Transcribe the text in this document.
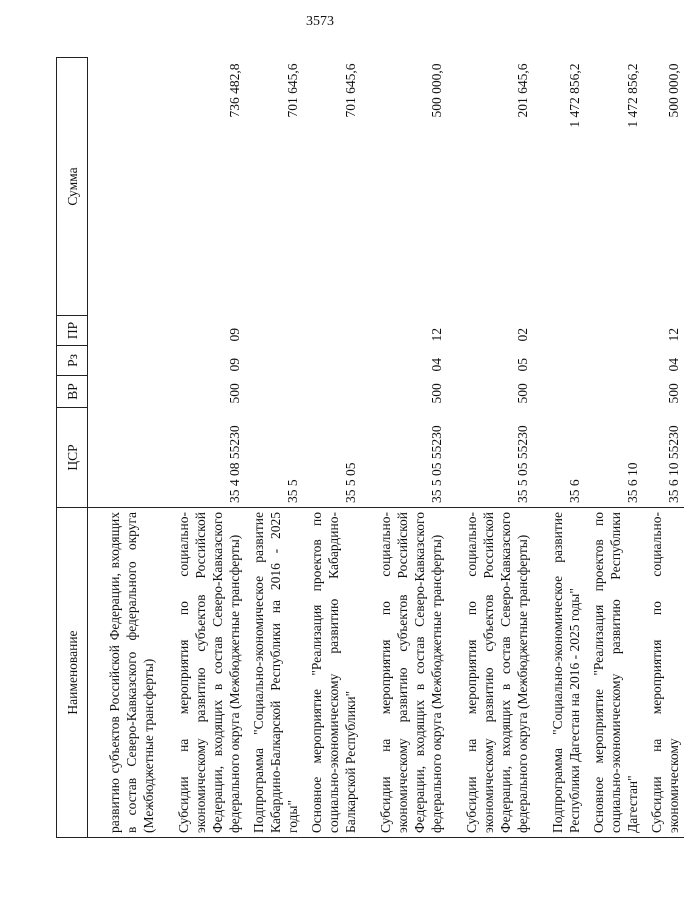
3573
Наименование	ЦСР	ВР	Рз	ПР	Сумма
развитию субъектов Российской Федерации, входящих в состав Северо-Кавказского федерального округа (Межбюджетные трансферты)					
Субсидии на мероприятия по социально-экономическому развитию субъектов Российской Федерации, входящих в состав Северо-Кавказского федерального округа (Межбюджетные трансферты)	35 4 08 55230	500	09	09	736 482,8
Подпрограмма "Социально-экономическое развитие Кабардино-Балкарской Республики на 2016 - 2025 годы"	35 5				701 645,6
Основное мероприятие "Реализация проектов по социально-экономическому развитию Кабардино-Балкарской Республики"	35 5 05				701 645,6
Субсидии на мероприятия по социально-экономическому развитию субъектов Российской Федерации, входящих в состав Северо-Кавказского федерального округа (Межбюджетные трансферты)	35 5 05 55230	500	04	12	500 000,0
Субсидии на мероприятия по социально-экономическому развитию субъектов Российской Федерации, входящих в состав Северо-Кавказского федерального округа (Межбюджетные трансферты)	35 5 05 55230	500	05	02	201 645,6
Подпрограмма "Социально-экономическое развитие Республики Дагестан на 2016 - 2025 годы"	35 6				1 472 856,2
Основное мероприятие "Реализация проектов по социально-экономическому развитию Республики Дагестан"	35 6 10				1 472 856,2
Субсидии на мероприятия по социально-экономическому	35 6 10 55230	500	04	12	500 000,0
